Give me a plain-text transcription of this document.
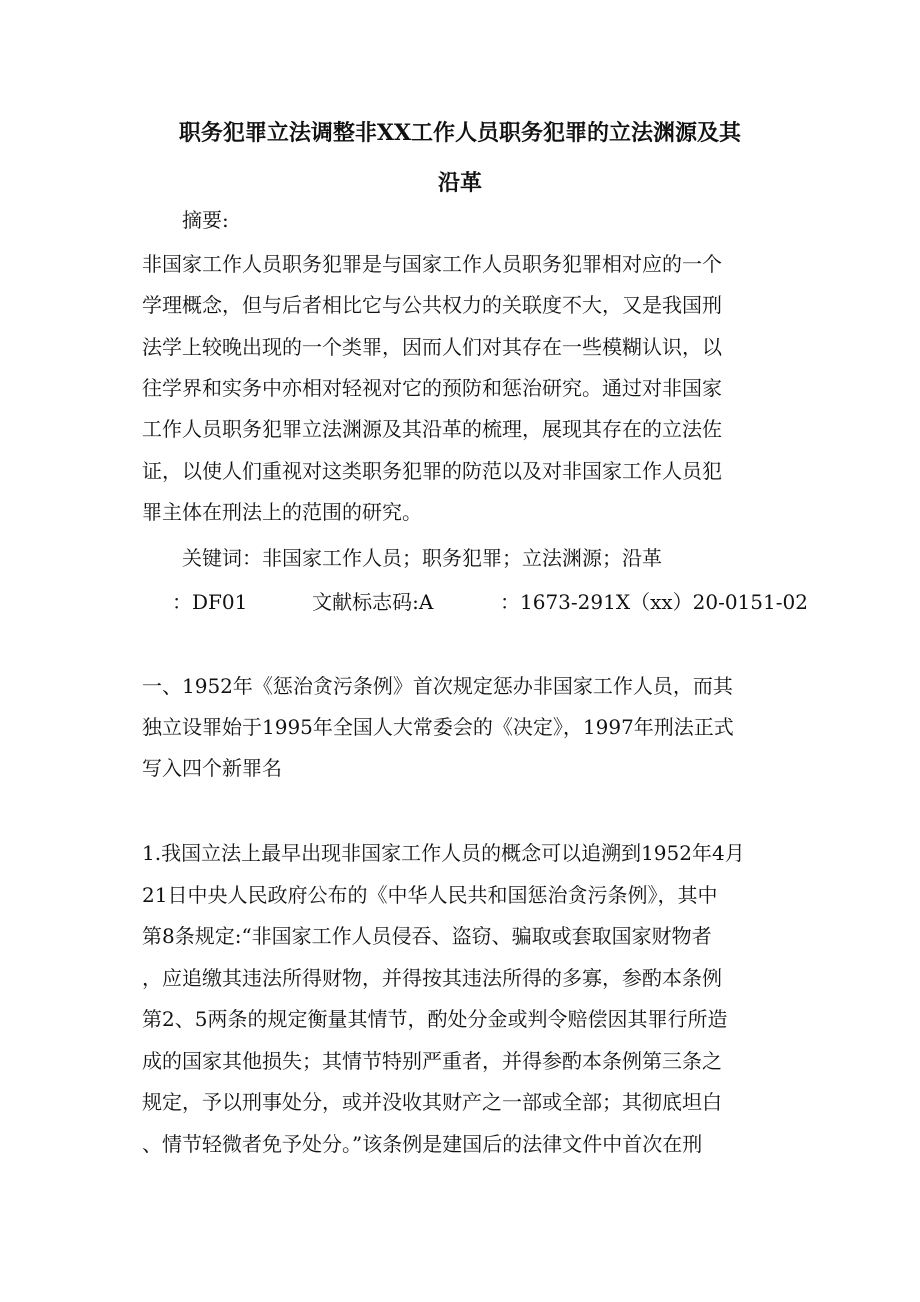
职务犯罪立法调整非XX工作人员职务犯罪的立法渊源及其
沿革

摘要:

非国家工作人员职务犯罪是与国家工作人员职务犯罪相对应的一个

学理概念，但与后者相比它与公共权力的关联度不大，又是我国刑

法学上较晚出现的一个类罪，因而人们对其存在一些模糊认识，以

往学界和实务中亦相对轻视对它的预防和惩治研究。通过对非国家

工作人员职务犯罪立法渊源及其沿革的梳理，展现其存在的立法佐

证，以使人们重视对这类职务犯罪的防范以及对非国家工作人员犯

罪主体在刑法上的范围的研究。

关键词：非国家工作人员；职务犯罪；立法渊源；沿革

：DF01	文献标志码:A	：1673-291X（xx）20-0151-02

一、1952年《惩治贪污条例》首次规定惩办非国家工作人员，而其

独立设罪始于1995年全国人大常委会的《决定》，1997年刑法正式

写入四个新罪名

1.我国立法上最早出现非国家工作人员的概念可以追溯到1952年4月

21日中央人民政府公布的《中华人民共和国惩治贪污条例》，其中

第8条规定:“非国家工作人员侵吞、盗窃、骗取或套取国家财物者

，应追缴其违法所得财物，并得按其违法所得的多寡，参酌本条例

第2、5两条的规定衡量其情节，酌处分金或判令赔偿因其罪行所造

成的国家其他损失；其情节特别严重者，并得参酌本条例第三条之

规定，予以刑事处分，或并没收其财产之一部或全部；其彻底坦白

、情节轻微者免予处分。”该条例是建国后的法律文件中首次在刑
